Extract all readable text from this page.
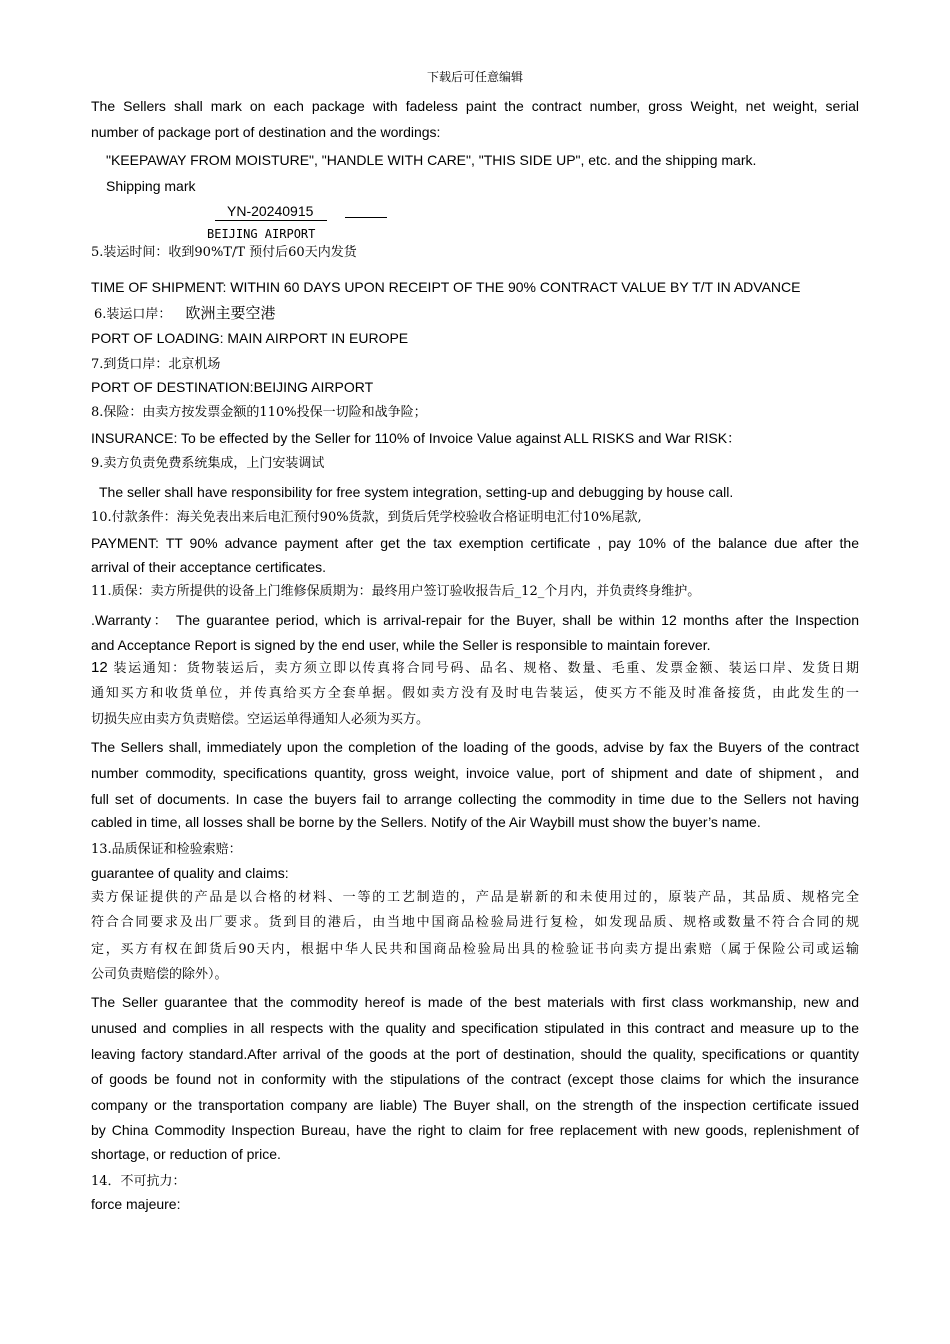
下载后可任意编辑
The Sellers shall mark on each package with fadeless paint the contract number, gross Weight, net weight, serial
number of package port of destination and the wordings:
"KEEPAWAY FROM MOISTURE", "HANDLE WITH CARE", "THIS SIDE UP", etc. and the shipping mark.
Shipping mark
YN-20240915
BEIJING AIRPORT
5.装运时间：收到90%T/T 预付后60天内发货
TIME OF SHIPMENT: WITHIN 60 DAYS UPON RECEIPT OF THE 90% CONTRACT VALUE BY T/T IN ADVANCE
6.装运口岸： 欧洲主要空港
PORT OF LOADING: MAIN AIRPORT IN EUROPE
7.到货口岸：北京机场
PORT OF DESTINATION:BEIJING AIRPORT
8.保险：由卖方按发票金额的110%投保一切险和战争险；
INSURANCE: To be effected by the Seller for 110% of Invoice Value against ALL RISKS and War RISK：
9.卖方负责免费系统集成，上门安装调试
The seller shall have responsibility for free system integration, setting-up and debugging by house call.
10.付款条件：海关免表出来后电汇预付90%货款，到货后凭学校验收合格证明电汇付10%尾款,
PAYMENT: TT 90% advance payment after get the tax exemption certificate , pay 10% of the balance due after the
arrival of their acceptance certificates.
11.质保：卖方所提供的设备上门维修保质期为：最终用户签订验收报告后_12_个月内，并负责终身维护。
.Warranty： The guarantee period, which is arrival-repair for the Buyer, shall be within 12 months after the Inspection
and Acceptance Report is signed by the end user, while the Seller is responsible to maintain forever.
12 装运通知：货物装运后，卖方须立即以传真将合同号码、品名、规格、数量、毛重、发票金额、装运口岸、发货日期
通知买方和收货单位，并传真给买方全套单据。假如卖方没有及时电告装运，使买方不能及时准备接货，由此发生的一
切损失应由卖方负责赔偿。空运运单得通知人必须为买方。
The Sellers shall, immediately upon the completion of the loading of the goods, advise by fax the Buyers of the contract
number commodity, specifications quantity, gross weight, invoice value, port of shipment and date of shipment，and
full set of documents. In case the buyers fail to arrange collecting the commodity in time due to the Sellers not having
cabled in time, all losses shall be borne by the Sellers. Notify of the Air Waybill must show the buyer’s name.
13.品质保证和检验索赔：
guarantee of quality and claims:
卖方保证提供的产品是以合格的材料、一等的工艺制造的，产品是崭新的和未使用过的，原装产品，其品质、规格完全
符合合同要求及出厂要求。货到目的港后，由当地中国商品检验局进行复检，如发现品质、规格或数量不符合合同的规
定，买方有权在卸货后90天内，根据中华人民共和国商品检验局出具的检验证书向卖方提出索赔（属于保险公司或运输
公司负责赔偿的除外）。
The Seller guarantee that the commodity hereof is made of the best materials with first class workmanship, new and
unused and complies in all respects with the quality and specification stipulated in this contract and measure up to the
leaving factory standard.After arrival of the goods at the port of destination, should the quality, specifications or quantity
of goods be found not in conformity with the stipulations of the contract (except those claims for which the insurance
company or the transportation company are liable) The Buyer shall, on the strength of the inspection certificate issued
by China Commodity Inspection Bureau, have the right to claim for free replacement with new goods, replenishment of
shortage, or reduction of price.
14．不可抗力：
force majeure:
